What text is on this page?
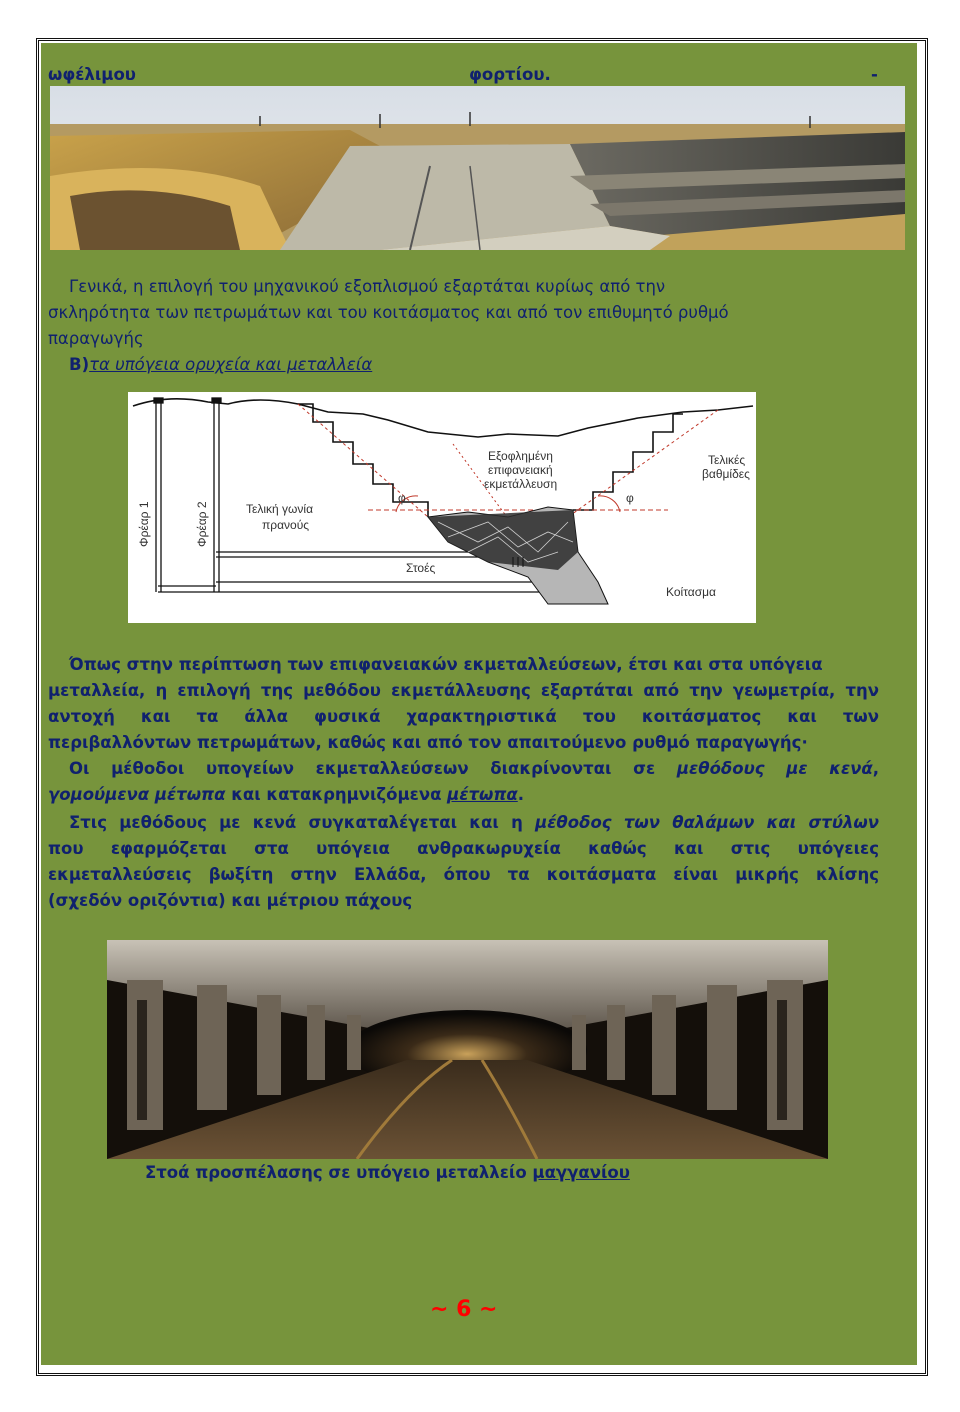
ωφέλιμου	φορτίου.	-
Γενικά, η επιλογή του μηχανικού εξοπλισμού εξαρτάται κυρίως από την
σκληρότητα των πετρωμάτων και του κοιτάσματος και από τον επιθυμητό ρυθμό
παραγωγής
Β)τα υπόγεια ορυχεία και μεταλλεία
Φρέαρ 1	Φρέαρ 2	Τελική γωνία
πρανούς
φ	φ
Εξοφλημένη
επιφανειακή
εκμετάλλευση
Τελικές
βαθμίδες
Στοές
Κοίτασμα
Όπως στην περίπτωση των επιφανειακών εκμεταλλεύσεων, έτσι και στα υπόγεια
μεταλλεία, η επιλογή της μεθόδου εκμετάλλευσης εξαρτάται από την γεωμετρία, την
αντοχή και τα άλλα φυσικά χαρακτηριστικά του κοιτάσματος και των
περιβαλλόντων πετρωμάτων, καθώς και από τον απαιτούμενο ρυθμό παραγωγής·
Οι μέθοδοι υπογείων εκμεταλλεύσεων διακρίνονται σε μεθόδους με κενά,
γομούμενα μέτωπα και κατακρημνιζόμενα μέτωπα.
Στις μεθόδους με κενά συγκαταλέγεται και η μέθοδος των θαλάμων και στύλων
που εφαρμόζεται στα υπόγεια ανθρακωρυχεία καθώς και στις υπόγειες
εκμεταλλεύσεις βωξίτη στην Ελλάδα, όπου τα κοιτάσματα είναι μικρής κλίσης
(σχεδόν οριζόντια) και μέτριου πάχους
Στοά προσπέλασης σε υπόγειο μεταλλείο μαγγανίου
~ 6 ~
